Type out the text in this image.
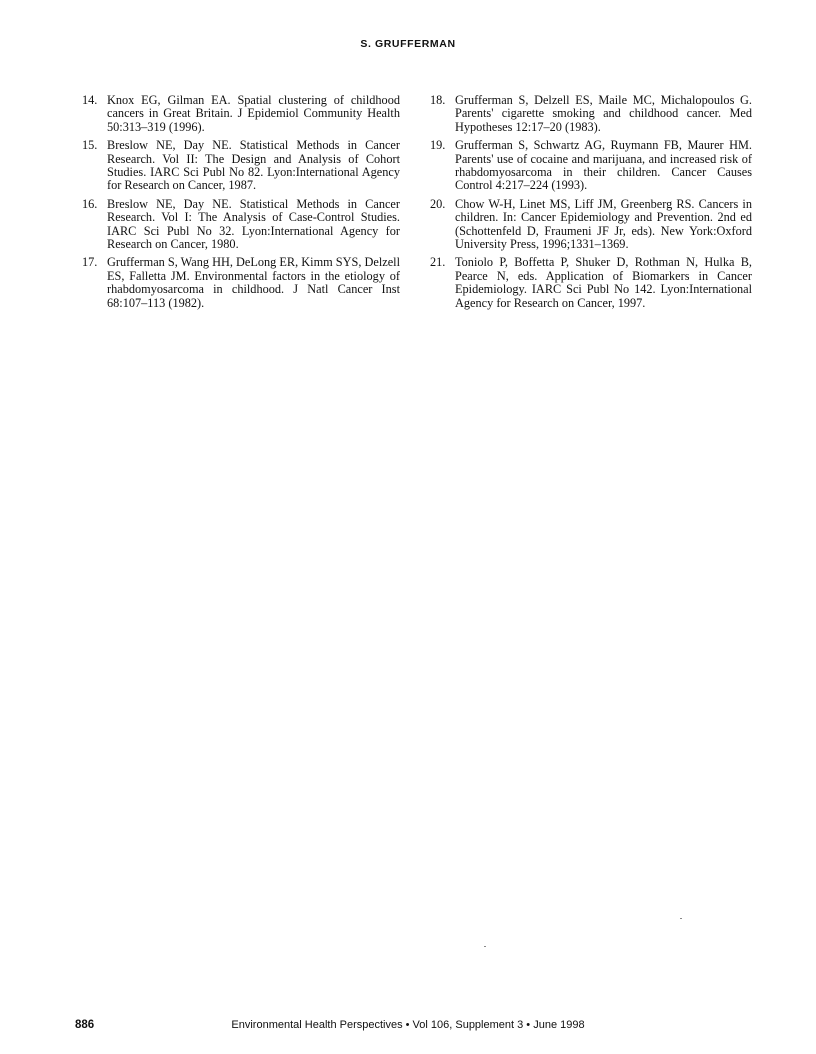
S. GRUFFERMAN
14. Knox EG, Gilman EA. Spatial clustering of childhood cancers in Great Britain. J Epidemiol Community Health 50:313–319 (1996).
15. Breslow NE, Day NE. Statistical Methods in Cancer Research. Vol II: The Design and Analysis of Cohort Studies. IARC Sci Publ No 82. Lyon:International Agency for Research on Cancer, 1987.
16. Breslow NE, Day NE. Statistical Methods in Cancer Research. Vol I: The Analysis of Case-Control Studies. IARC Sci Publ No 32. Lyon:International Agency for Research on Cancer, 1980.
17. Grufferman S, Wang HH, DeLong ER, Kimm SYS, Delzell ES, Falletta JM. Environmental factors in the etiology of rhabdomyosarcoma in childhood. J Natl Cancer Inst 68:107–113 (1982).
18. Grufferman S, Delzell ES, Maile MC, Michalopoulos G. Parents' cigarette smoking and childhood cancer. Med Hypotheses 12:17–20 (1983).
19. Grufferman S, Schwartz AG, Ruymann FB, Maurer HM. Parents' use of cocaine and marijuana, and increased risk of rhabdomyosarcoma in their children. Cancer Causes Control 4:217–224 (1993).
20. Chow W-H, Linet MS, Liff JM, Greenberg RS. Cancers in children. In: Cancer Epidemiology and Prevention. 2nd ed (Schottenfeld D, Fraumeni JF Jr, eds). New York:Oxford University Press, 1996;1331–1369.
21. Toniolo P, Boffetta P, Shuker D, Rothman N, Hulka B, Pearce N, eds. Application of Biomarkers in Cancer Epidemiology. IARC Sci Publ No 142. Lyon:International Agency for Research on Cancer, 1997.
886	Environmental Health Perspectives • Vol 106, Supplement 3 • June 1998
